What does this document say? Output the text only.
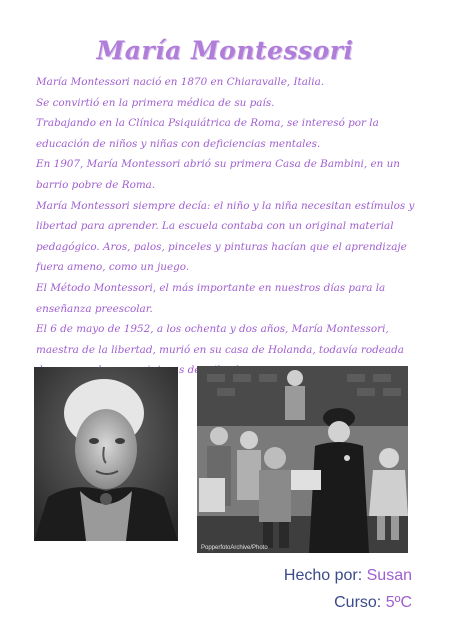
María Montessori

María Montessori nació en 1870 en Chiaravalle, Italia.

Se convirtió en la primera médica de su país.

Trabajando en la Clínica Psiquiátrica de Roma, se interesó por la educación de niños y niñas con deficiencias mentales.

En 1907, María Montessori abrió su primera Casa de Bambini, en un barrio pobre de Roma.

María Montessori siempre decía: el niño y la niña necesitan estímulos y libertad para aprender. La escuela contaba con un original material pedagógico. Aros, palos, pinceles y pinturas hacían que el aprendizaje fuera ameno, como un juego.

El Método Montessori, el más importante en nuestros días para la enseñanza preescolar.

El 6 de mayo de 1952, a los ochenta y dos años, María Montessori, maestra de la libertad, murió en su casa de Holanda, todavía rodeada de

PopperfotoArchive/Photo
Hecho por: Susan
Curso: 5ºC
